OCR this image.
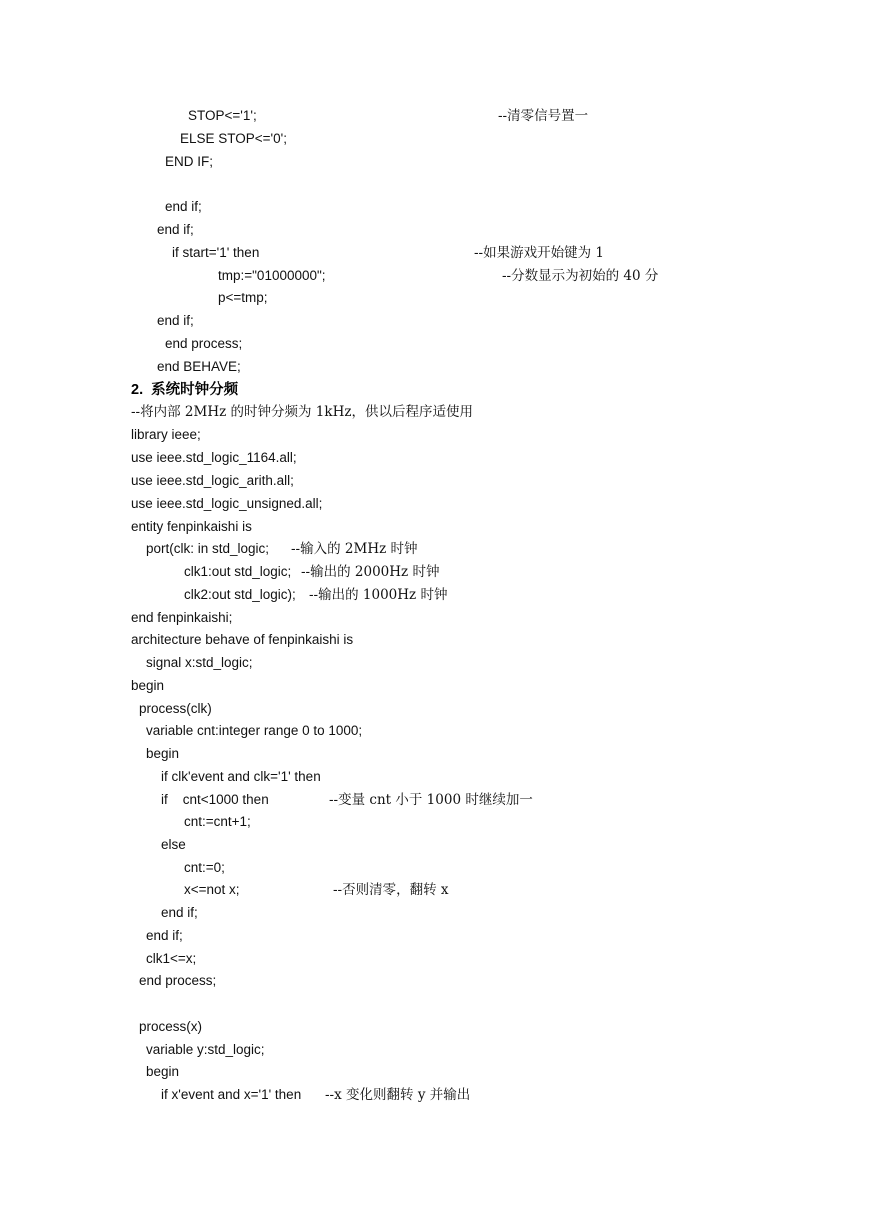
STOP<='1';	--清零信号置一
ELSE STOP<='0';
END IF;
end if;
end if;
if start='1' then	--如果游戏开始键为 1
tmp:="01000000";	--分数显示为初始的 40 分
p<=tmp;
end if;
end process;
end BEHAVE;
2.  系统时钟分频
--将内部 2MHz 的时钟分频为 1kHz，供以后程序适使用
library ieee;
use ieee.std_logic_1164.all;
use ieee.std_logic_arith.all;
use ieee.std_logic_unsigned.all;
entity fenpinkaishi is
port(clk: in std_logic; --输入的 2MHz 时钟
clk1:out std_logic; --输出的 2000Hz 时钟
clk2:out std_logic); --输出的 1000Hz 时钟
end fenpinkaishi;
architecture behave of fenpinkaishi is
signal x:std_logic;
begin
process(clk)
variable cnt:integer range 0 to 1000;
begin
if clk'event and clk='1' then
if    cnt<1000 then	--变量 cnt 小于 1000 时继续加一
cnt:=cnt+1;
else
cnt:=0;
x<=not x;	--否则清零，翻转 x
end if;
end if;
clk1<=x;
end process;
process(x)
variable y:std_logic;
begin
if x'event and x='1' then --x 变化则翻转 y 并输出
